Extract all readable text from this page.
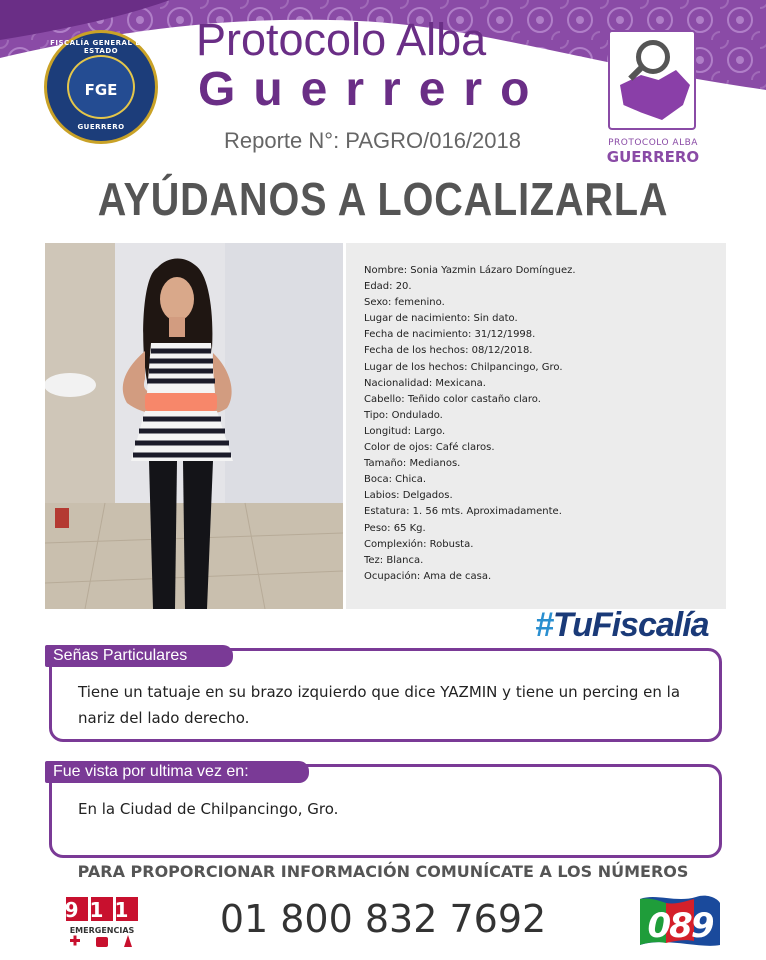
FISCALÍA GENERAL DEL ESTADO
FGE
GUERRERO
Protocolo Alba
Guerrero
Reporte N°: PAGRO/016/2018	PROTOCOLO ALBA
GUERRERO
AYÚDANOS A LOCALIZARLA
Nombre: Sonia Yazmin Lázaro Domínguez.
Edad: 20.
Sexo: femenino.
Lugar de nacimiento: Sin dato.
Fecha de nacimiento: 31/12/1998.
Fecha de los hechos: 08/12/2018.
Lugar de los hechos: Chilpancingo, Gro.
Nacionalidad: Mexicana.
Cabello: Teñido color castaño claro.
Tipo: Ondulado.
Longitud: Largo.
Color de ojos: Café claros.
Tamaño: Medianos.
Boca: Chica.
Labios: Delgados.
Estatura: 1. 56 mts. Aproximadamente.
Peso: 65 Kg.
Complexión: Robusta.
Tez: Blanca.
Ocupación: Ama de casa.
#TuFiscalía
Señas Particulares
Tiene un tatuaje en su brazo izquierdo que dice YAZMIN y tiene un percing en la nariz del lado derecho.
Fue vista por ultima vez en:
En la Ciudad de Chilpancingo, Gro.
PARA PROPORCIONAR INFORMACIÓN COMUNÍCATE A LOS NÚMEROS
911
EMERGENCIAS	01 800 832 7692	089
